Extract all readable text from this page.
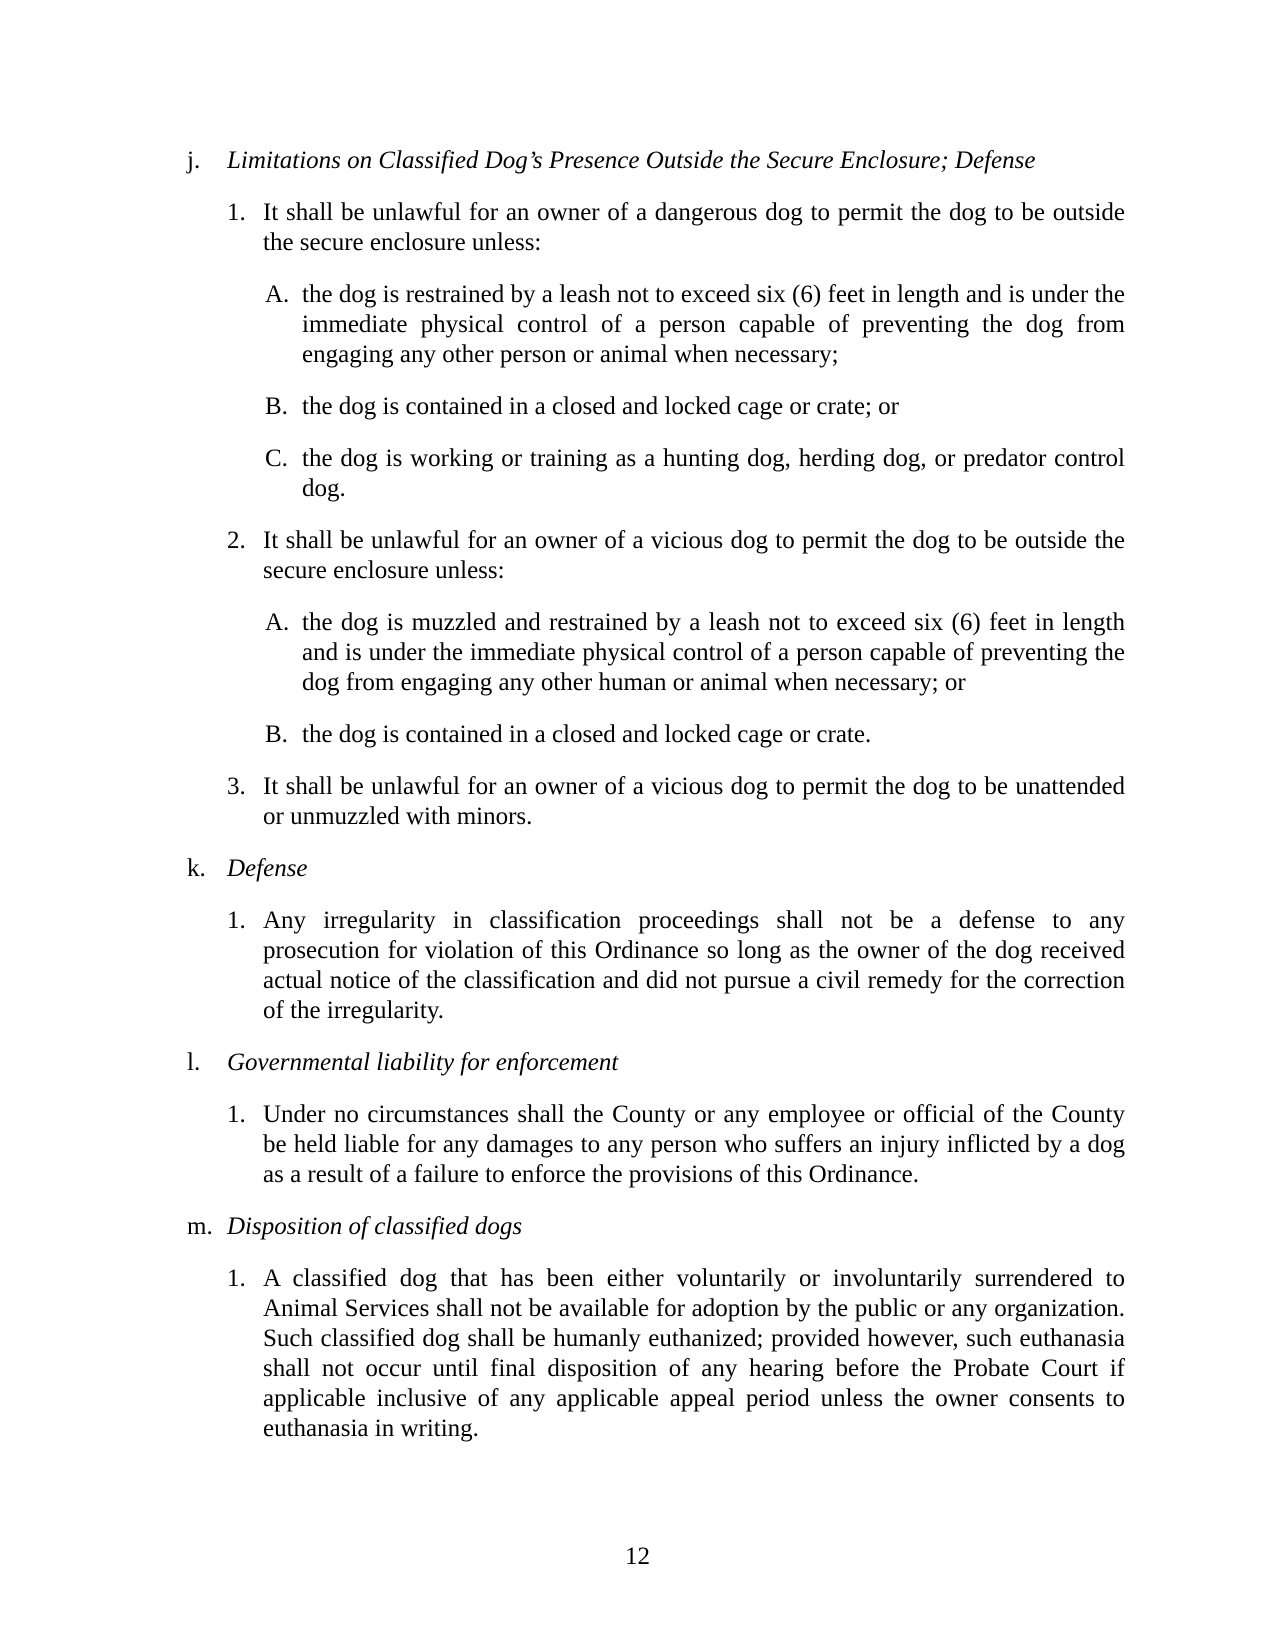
j.	Limitations on Classified Dog’s Presence Outside the Secure Enclosure; Defense
1. It shall be unlawful for an owner of a dangerous dog to permit the dog to be outside the secure enclosure unless:
A. the dog is restrained by a leash not to exceed six (6) feet in length and is under the immediate physical control of a person capable of preventing the dog from engaging any other person or animal when necessary;
B. the dog is contained in a closed and locked cage or crate; or
C. the dog is working or training as a hunting dog, herding dog, or predator control dog.
2. It shall be unlawful for an owner of a vicious dog to permit the dog to be outside the secure enclosure unless:
A. the dog is muzzled and restrained by a leash not to exceed six (6) feet in length and is under the immediate physical control of a person capable of preventing the dog from engaging any other human or animal when necessary; or
B. the dog is contained in a closed and locked cage or crate.
3. It shall be unlawful for an owner of a vicious dog to permit the dog to be unattended or unmuzzled with minors.
k. Defense
1. Any irregularity in classification proceedings shall not be a defense to any prosecution for violation of this Ordinance so long as the owner of the dog received actual notice of the classification and did not pursue a civil remedy for the correction of the irregularity.
l.	Governmental liability for enforcement
1. Under no circumstances shall the County or any employee or official of the County be held liable for any damages to any person who suffers an injury inflicted by a dog as a result of a failure to enforce the provisions of this Ordinance.
m. Disposition of classified dogs
1. A classified dog that has been either voluntarily or involuntarily surrendered to Animal Services shall not be available for adoption by the public or any organization. Such classified dog shall be humanly euthanized; provided however, such euthanasia shall not occur until final disposition of any hearing before the Probate Court if applicable inclusive of any applicable appeal period unless the owner consents to euthanasia in writing.
12
